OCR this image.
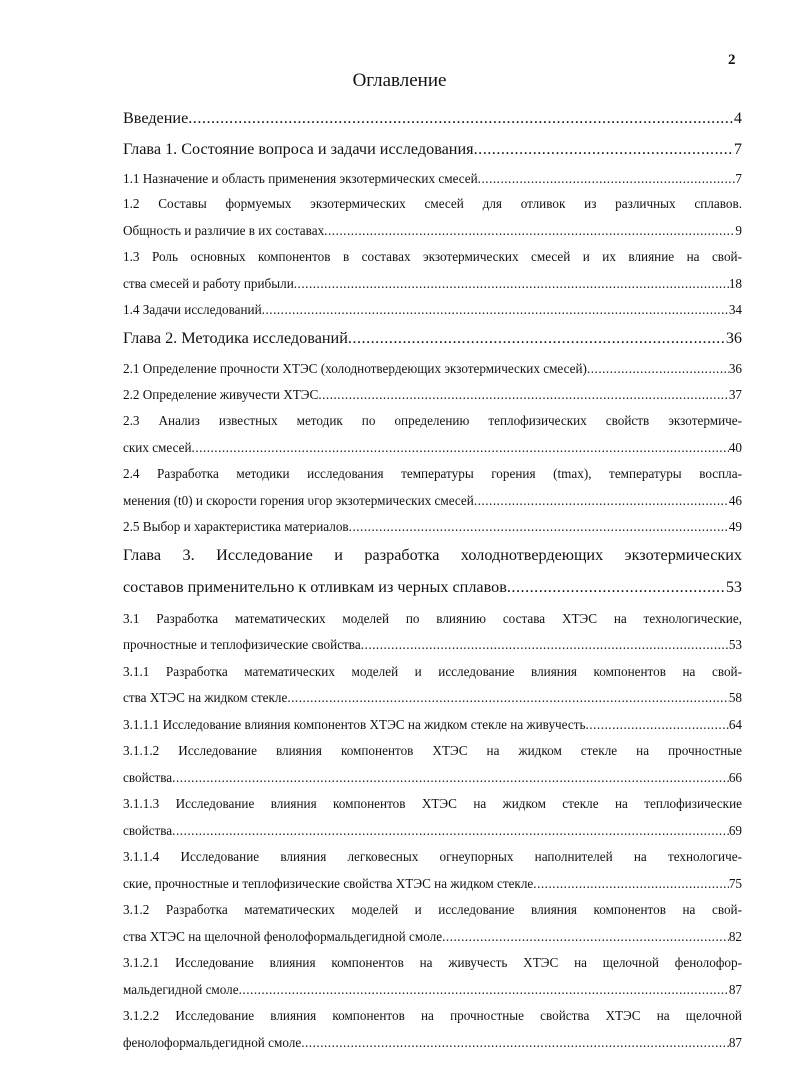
2
Оглавление
Введение .....	4
Глава 1. Состояние вопроса и задачи исследования .....	7
1.1 Назначение и область применения экзотермических смесей .....	7
1.2 Составы формуемых экзотермических смесей для отливок из различных сплавов.
Общность и различие в их составах .....	9
1.3 Роль основных компонентов в составах экзотермических смесей и их влияние на свой-
ства смесей и работу прибыли .....	18
1.4 Задачи исследований .....	34
Глава 2. Методика исследований .....	36
2.1 Определение прочности ХТЭС (холоднотвердеющих экзотермических смесей) .....	36
2.2 Определение живучести ХТЭС .....	37
2.3 Анализ известных методик по определению теплофизических свойств экзотермиче-
ских смесей .....	40
2.4 Разработка методики исследования температуры горения (tmax), температуры воспла-
менения (t0) и скорости горения υгор экзотермических смесей .....	46
2.5 Выбор и характеристика материалов .....	49
Глава 3. Исследование и разработка холоднотвердеющих экзотермических
составов применительно к отливкам из черных сплавов .....	53
3.1 Разработка математических моделей по влиянию состава ХТЭС на технологические,
прочностные и теплофизические свойства .....	53
3.1.1 Разработка математических моделей и исследование влияния компонентов на свой-
ства ХТЭС на жидком стекле .....	58
3.1.1.1 Исследование влияния компонентов ХТЭС на жидком стекле на живучесть .....	64
3.1.1.2 Исследование влияния компонентов ХТЭС на жидком стекле на прочностные
свойства .....	66
3.1.1.3 Исследование влияния компонентов ХТЭС на жидком стекле на теплофизические
свойства .....	69
3.1.1.4 Исследование влияния легковесных огнеупорных наполнителей на технологиче-
ские, прочностные и теплофизические свойства ХТЭС на жидком стекле .....	75
3.1.2 Разработка математических моделей и исследование влияния компонентов на свой-
ства ХТЭС на щелочной фенолоформальдегидной смоле .....	82
3.1.2.1 Исследование влияния компонентов на живучесть ХТЭС на щелочной фенолофор-
мальдегидной смоле .....	87
3.1.2.2 Исследование влияния компонентов на прочностные свойства ХТЭС на щелочной
фенолоформальдегидной смоле .....	87
